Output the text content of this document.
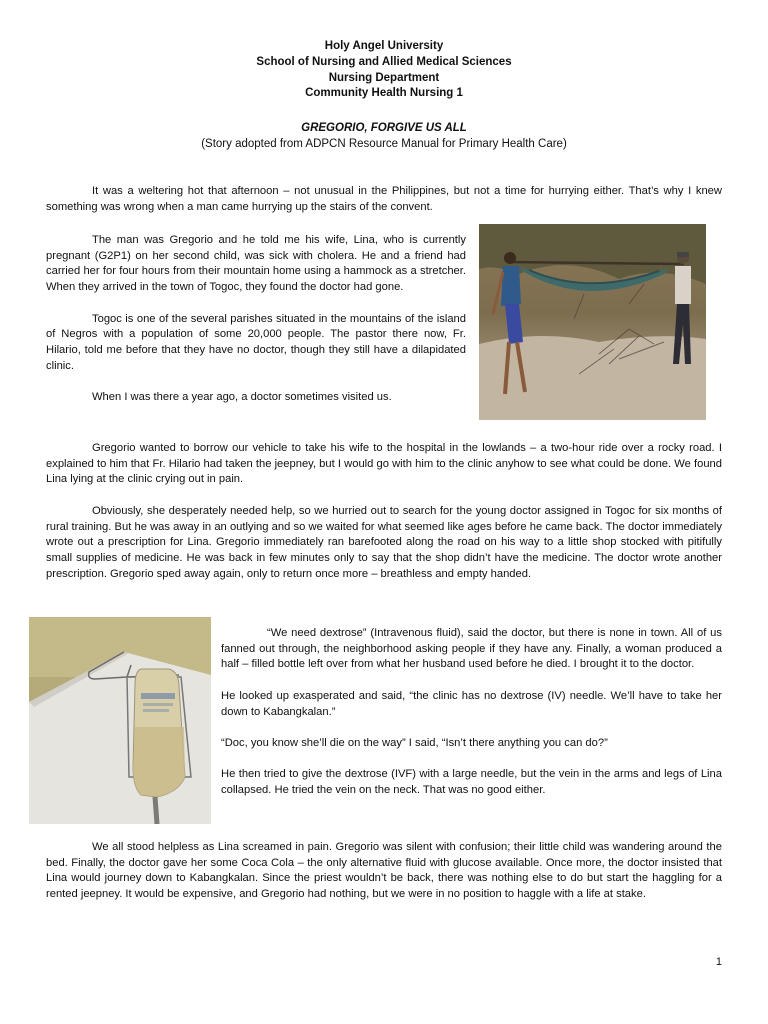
Holy Angel University
School of Nursing and Allied Medical Sciences
Nursing Department
Community Health Nursing 1
GREGORIO, FORGIVE US ALL
(Story adopted from ADPCN Resource Manual for Primary Health Care)

It was a weltering hot that afternoon – not unusual in the Philippines, but not a time for hurrying either. That’s why I knew something was wrong when a man came hurrying up the stairs of the convent.

The man was Gregorio and he told me his wife, Lina, who is currently pregnant (G2P1) on her second child, was sick with cholera. He and a friend had carried her for four hours from their mountain home using a hammock as a stretcher. When they arrived in the town of Togoc, they found the doctor had gone.

Togoc is one of the several parishes situated in the mountains of the island of Negros with a population of some 20,000 people. The pastor there now, Fr. Hilario, told me before that they have no doctor, though they still have a dilapidated clinic.

When I was there a year ago, a doctor sometimes visited us.

Gregorio wanted to borrow our vehicle to take his wife to the hospital in the lowlands – a two-hour ride over a rocky road. I explained to him that Fr. Hilario had taken the jeepney, but I would go with him to the clinic anyhow to see what could be done. We found Lina lying at the clinic crying out in pain.

Obviously, she desperately needed help, so we hurried out to search for the young doctor assigned in Togoc for six months of rural training. But he was away in an outlying and so we waited for what seemed like ages before he came back. The doctor immediately wrote out a prescription for Lina. Gregorio immediately ran barefooted along the road on his way to a little shop stocked with pitifully small supplies of medicine. He was back in few minutes only to say that the shop didn’t have the medicine. The doctor wrote another prescription. Gregorio sped away again, only to return once more – breathless and empty handed.

“We need dextrose” (Intravenous fluid), said the doctor, but there is none in town. All of us fanned out through, the neighborhood asking people if they have any. Finally, a woman produced a half – filled bottle left over from what her husband used before he died. I brought it to the doctor.

He looked up exasperated and said, “the clinic has no dextrose (IV) needle. We’ll have to take her down to Kabangkalan.”

“Doc, you know she’ll die on the way” I said, “Isn’t there anything you can do?”

He then tried to give the dextrose (IVF) with a large needle, but the vein in the arms and legs of Lina collapsed. He tried the vein on the neck. That was no good either.

We all stood helpless as Lina screamed in pain. Gregorio was silent with confusion; their little child was wandering around the bed. Finally, the doctor gave her some Coca Cola – the only alternative fluid with glucose available. Once more, the doctor insisted that Lina would journey down to Kabangkalan. Since the priest wouldn’t be back, there was nothing else to do but start the haggling for a rented jeepney. It would be expensive, and Gregorio had nothing, but we were in no position to haggle with a life at stake.

1
